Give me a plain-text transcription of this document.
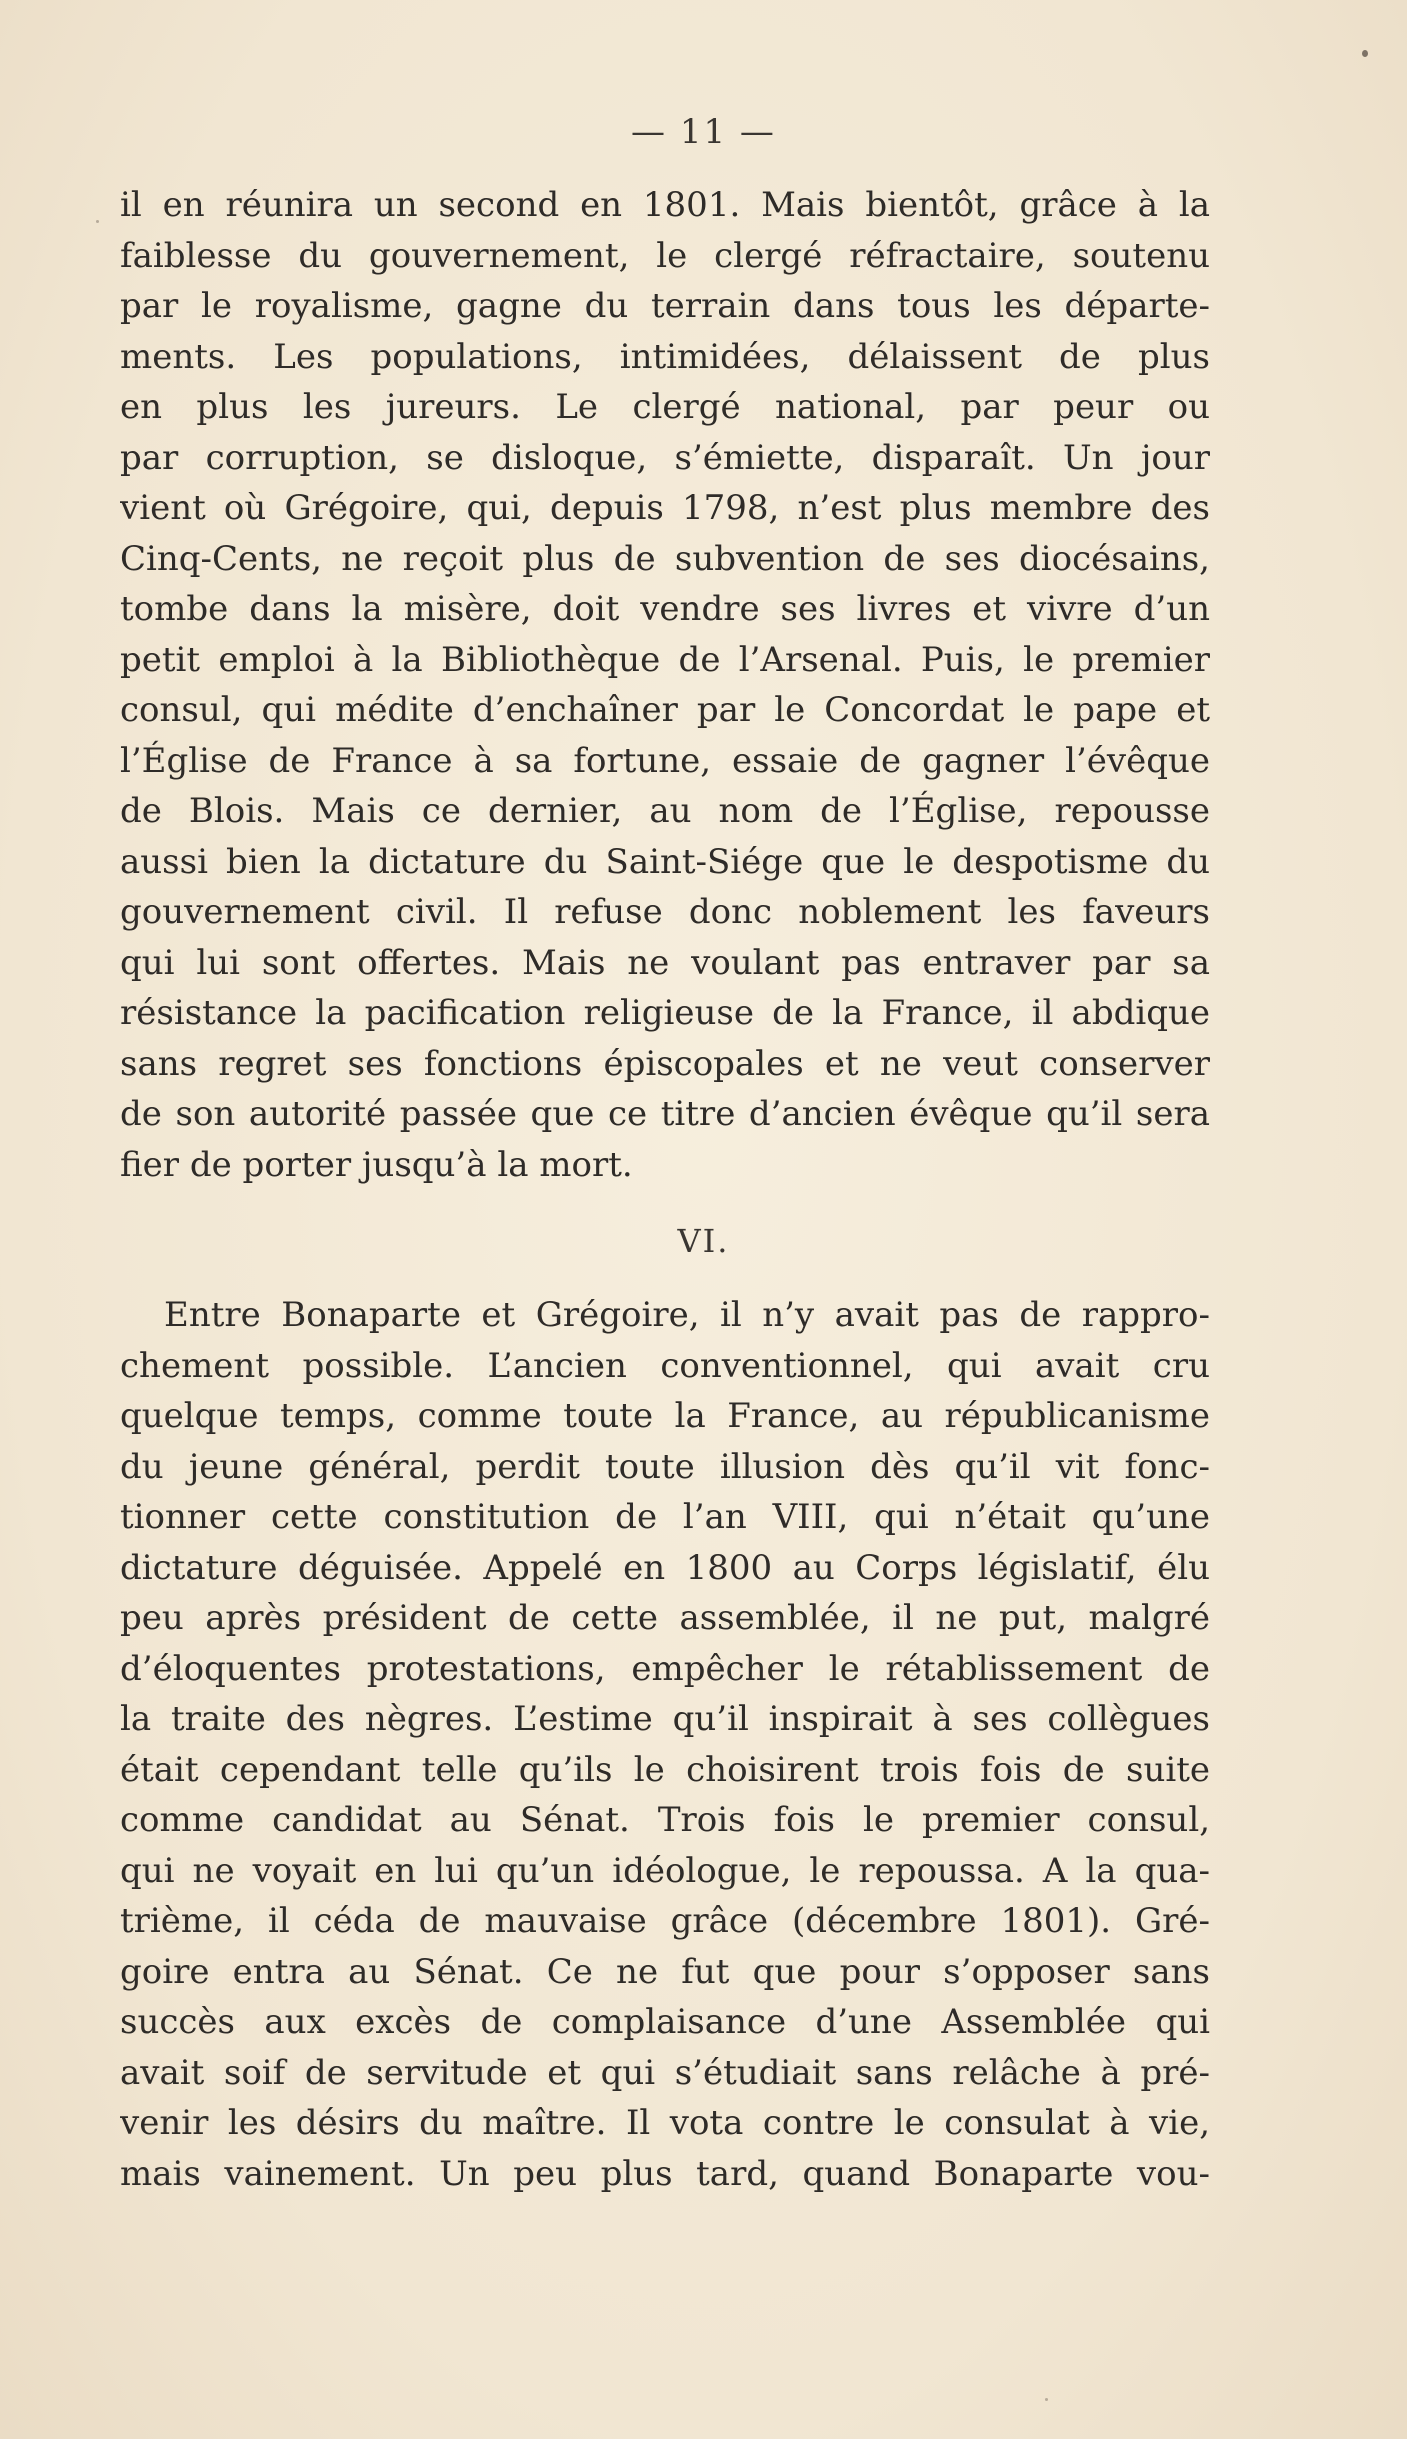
— 11 —
il en réunira un second en 1801. Mais bientôt, grâce à la
faiblesse du gouvernement, le clergé réfractaire, soutenu
par le royalisme, gagne du terrain dans tous les départe-
ments. Les populations, intimidées, délaissent de plus
en plus les jureurs. Le clergé national, par peur ou
par corruption, se disloque, s’émiette, disparaît. Un jour
vient où Grégoire, qui, depuis 1798, n’est plus membre des
Cinq-Cents, ne reçoit plus de subvention de ses diocésains,
tombe dans la misère, doit vendre ses livres et vivre d’un
petit emploi à la Bibliothèque de l’Arsenal. Puis, le premier
consul, qui médite d’enchaîner par le Concordat le pape et
l’Église de France à sa fortune, essaie de gagner l’évêque
de Blois. Mais ce dernier, au nom de l’Église, repousse
aussi bien la dictature du Saint-Siége que le despotisme du
gouvernement civil. Il refuse donc noblement les faveurs
qui lui sont offertes. Mais ne voulant pas entraver par sa
résistance la pacification religieuse de la France, il abdique
sans regret ses fonctions épiscopales et ne veut conserver
de son autorité passée que ce titre d’ancien évêque qu’il sera
fier de porter jusqu’à la mort.
VI.
Entre Bonaparte et Grégoire, il n’y avait pas de rappro-
chement possible. L’ancien conventionnel, qui avait cru
quelque temps, comme toute la France, au républicanisme
du jeune général, perdit toute illusion dès qu’il vit fonc-
tionner cette constitution de l’an VIII, qui n’était qu’une
dictature déguisée. Appelé en 1800 au Corps législatif, élu
peu après président de cette assemblée, il ne put, malgré
d’éloquentes protestations, empêcher le rétablissement de
la traite des nègres. L’estime qu’il inspirait à ses collègues
était cependant telle qu’ils le choisirent trois fois de suite
comme candidat au Sénat. Trois fois le premier consul,
qui ne voyait en lui qu’un idéologue, le repoussa. A la qua-
trième, il céda de mauvaise grâce (décembre 1801). Gré-
goire entra au Sénat. Ce ne fut que pour s’opposer sans
succès aux excès de complaisance d’une Assemblée qui
avait soif de servitude et qui s’étudiait sans relâche à pré-
venir les désirs du maître. Il vota contre le consulat à vie,
mais vainement. Un peu plus tard, quand Bonaparte vou-
